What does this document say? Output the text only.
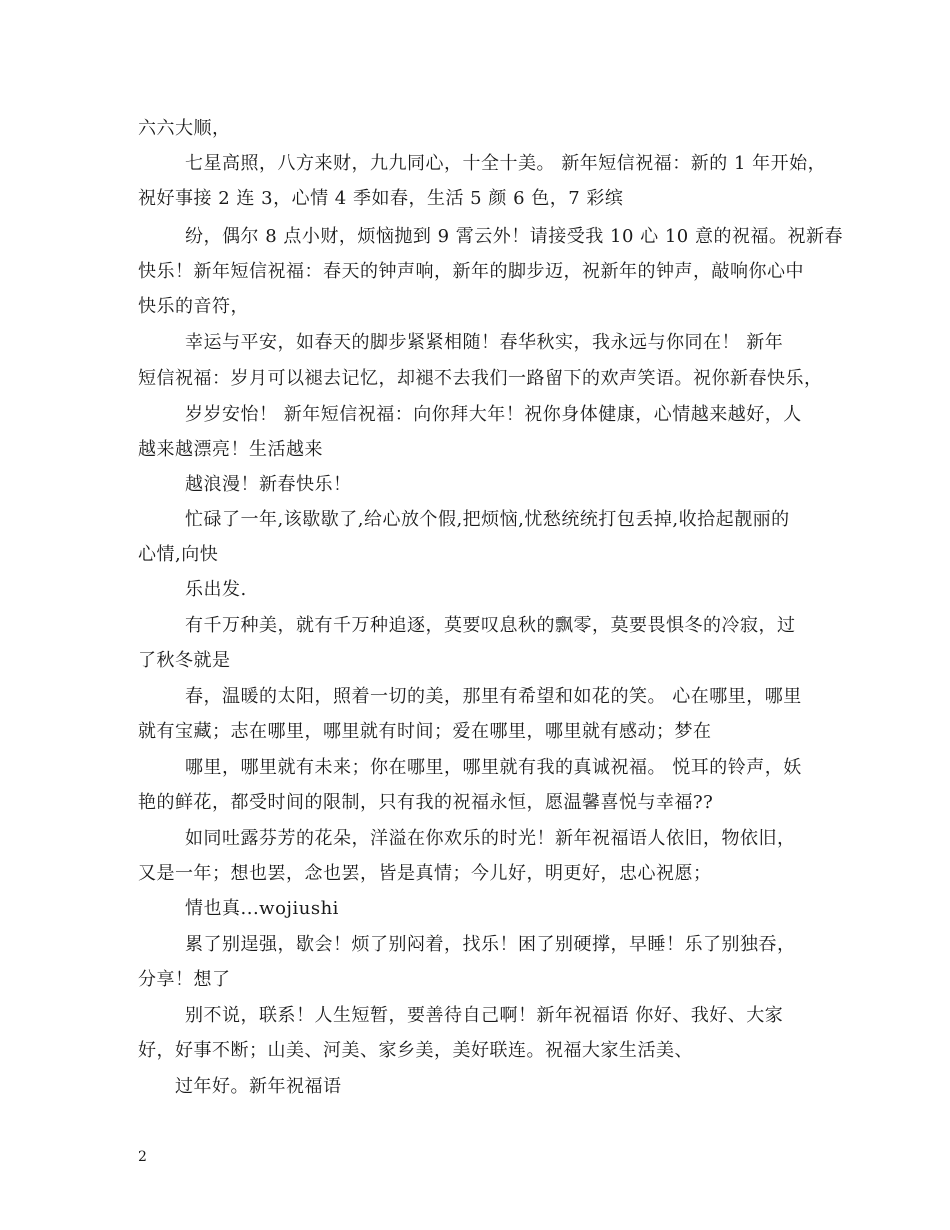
六六大顺，
七星高照，八方来财，九九同心，十全十美。 新年短信祝福：新的 1 年开始，
祝好事接 2 连 3，心情 4 季如春，生活 5 颜 6 色，7 彩缤
纷，偶尔 8 点小财，烦恼抛到 9 霄云外！请接受我 10 心 10 意的祝福。祝新春
快乐！新年短信祝福：春天的钟声响，新年的脚步迈，祝新年的钟声，敲响你心中
快乐的音符，
幸运与平安，如春天的脚步紧紧相随！春华秋实，我永远与你同在！ 新年
短信祝福：岁月可以褪去记忆，却褪不去我们一路留下的欢声笑语。祝你新春快乐，
岁岁安怡！ 新年短信祝福：向你拜大年！祝你身体健康，心情越来越好，人
越来越漂亮！生活越来
越浪漫！新春快乐！
忙碌了一年,该歇歇了,给心放个假,把烦恼,忧愁统统打包丢掉,收拾起靓丽的
心情,向快
乐出发.
有千万种美，就有千万种追逐，莫要叹息秋的飘零，莫要畏惧冬的冷寂，过
了秋冬就是
春，温暖的太阳，照着一切的美，那里有希望和如花的笑。 心在哪里，哪里
就有宝藏；志在哪里，哪里就有时间；爱在哪里，哪里就有感动；梦在
哪里，哪里就有未来；你在哪里，哪里就有我的真诚祝福。 悦耳的铃声，妖
艳的鲜花，都受时间的限制，只有我的祝福永恒，愿温馨喜悦与幸福??
如同吐露芬芳的花朵，洋溢在你欢乐的时光！新年祝福语人依旧，物依旧，
又是一年；想也罢，念也罢，皆是真情；今儿好，明更好，忠心祝愿；
情也真...wojiushi
累了别逞强，歇会！烦了别闷着，找乐！困了别硬撑，早睡！乐了别独吞，
分享！想了
别不说，联系！人生短暂，要善待自己啊！新年祝福语 你好、我好、大家
好，好事不断；山美、河美、家乡美，美好联连。祝福大家生活美、
过年好。新年祝福语
2
